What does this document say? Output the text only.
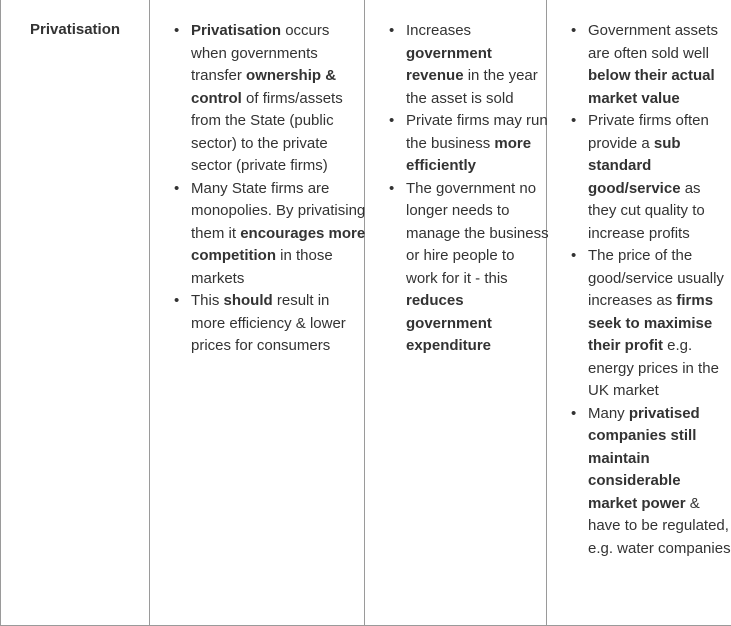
Privatisation	• Privatisation occurs when governments transfer ownership & control of firms/assets from the State (public sector) to the private sector (private firms)
• Many State firms are monopolies. By privatising them it encourages more competition in those markets
• This should result in more efficiency & lower prices for consumers

• Increases government revenue in the year the asset is sold
• Private firms may run the business more efficiently
• The government no longer needs to manage the business or hire people to work for it - this reduces government expenditure

• Government assets are often sold well below their actual market value
• Private firms often provide a sub standard good/service as they cut quality to increase profits
• The price of the good/service usually increases as firms seek to maximise their profit e.g. energy prices in the UK market
• Many privatised companies still maintain considerable market power & have to be regulated, e.g. water companies
